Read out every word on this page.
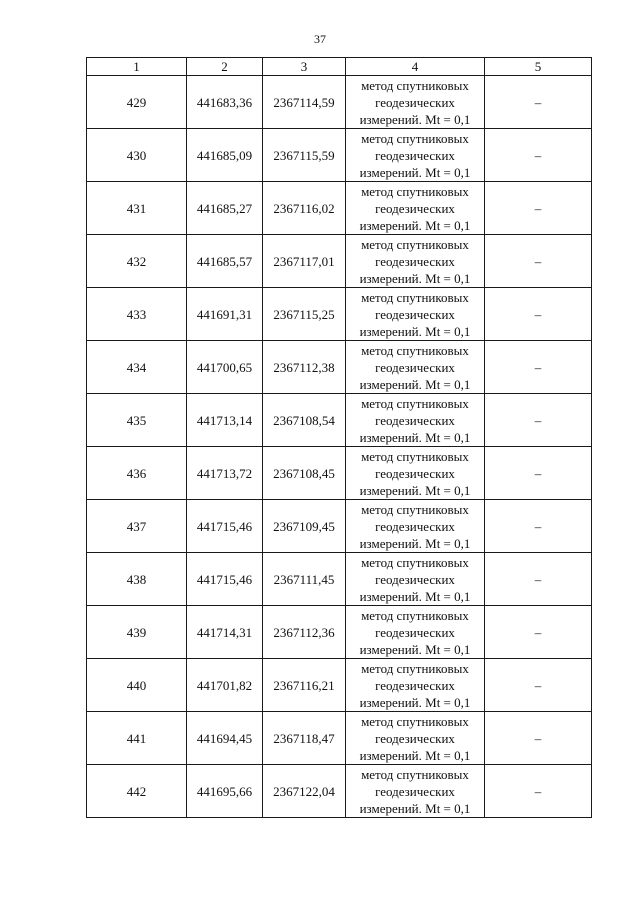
37
1	2	3	4	5
429	441683,36	2367114,59	метод спутниковых
геодезических
измерений. Mt = 0,1	–
430	441685,09	2367115,59	метод спутниковых
геодезических
измерений. Mt = 0,1	–
431	441685,27	2367116,02	метод спутниковых
геодезических
измерений. Mt = 0,1	–
432	441685,57	2367117,01	метод спутниковых
геодезических
измерений. Mt = 0,1	–
433	441691,31	2367115,25	метод спутниковых
геодезических
измерений. Mt = 0,1	–
434	441700,65	2367112,38	метод спутниковых
геодезических
измерений. Mt = 0,1	–
435	441713,14	2367108,54	метод спутниковых
геодезических
измерений. Mt = 0,1	–
436	441713,72	2367108,45	метод спутниковых
геодезических
измерений. Mt = 0,1	–
437	441715,46	2367109,45	метод спутниковых
геодезических
измерений. Mt = 0,1	–
438	441715,46	2367111,45	метод спутниковых
геодезических
измерений. Mt = 0,1	–
439	441714,31	2367112,36	метод спутниковых
геодезических
измерений. Mt = 0,1	–
440	441701,82	2367116,21	метод спутниковых
геодезических
измерений. Mt = 0,1	–
441	441694,45	2367118,47	метод спутниковых
геодезических
измерений. Mt = 0,1	–
442	441695,66	2367122,04	метод спутниковых
геодезических
измерений. Mt = 0,1	–
